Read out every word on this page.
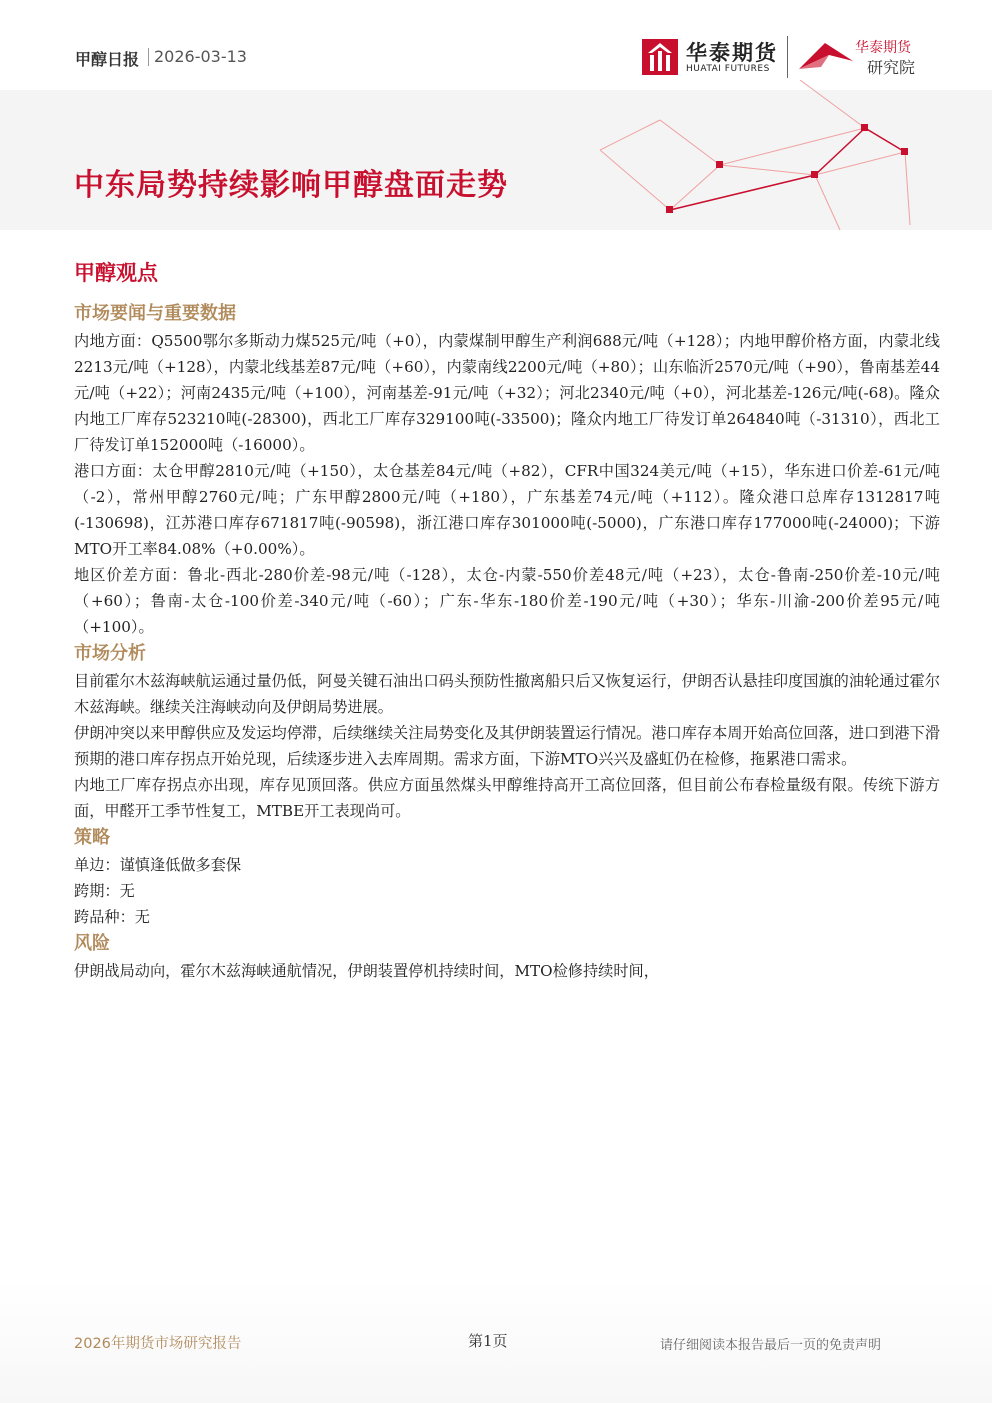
甲醇日报 2026-03-13	华泰期货
HUATAI FUTURES
华泰期货
研究院
中东局势持续影响甲醇盘面走势
甲醇观点
市场要闻与重要数据

内地方面：Q5500鄂尔多斯动力煤525元/吨（+0），内蒙煤制甲醇生产利润688元/吨（+128）；内地甲醇价格方面，内蒙北线2213元/吨（+128），内蒙北线基差87元/吨（+60），内蒙南线2200元/吨（+80）；山东临沂2570元/吨（+90），鲁南基差44元/吨（+22）；河南2435元/吨（+100），河南基差-91元/吨（+32）；河北2340元/吨（+0），河北基差-126元/吨(-68)。隆众内地工厂库存523210吨(-28300)，西北工厂库存329100吨(-33500)；隆众内地工厂待发订单264840吨（-31310），西北工厂待发订单152000吨（-16000）。

港口方面：太仓甲醇2810元/吨（+150），太仓基差84元/吨（+82），CFR中国324美元/吨（+15），华东进口价差-61元/吨（-2），常州甲醇2760元/吨；广东甲醇2800元/吨（+180），广东基差74元/吨（+112）。隆众港口总库存1312817吨(-130698)，江苏港口库存671817吨(-90598)，浙江港口库存301000吨(-5000)，广东港口库存177000吨(-24000)；下游MTO开工率84.08%（+0.00%）。

地区价差方面：鲁北-西北-280价差-98元/吨（-128），太仓-内蒙-550价差48元/吨（+23），太仓-鲁南-250价差-10元/吨（+60）；鲁南-太仓-100价差-340元/吨（-60）；广东-华东-180价差-190元/吨（+30）；华东-川渝-200价差95元/吨（+100）。

市场分析

目前霍尔木兹海峡航运通过量仍低，阿曼关键石油出口码头预防性撤离船只后又恢复运行，伊朗否认悬挂印度国旗的油轮通过霍尔木兹海峡。继续关注海峡动向及伊朗局势进展。

伊朗冲突以来甲醇供应及发运均停滞，后续继续关注局势变化及其伊朗装置运行情况。港口库存本周开始高位回落，进口到港下滑预期的港口库存拐点开始兑现，后续逐步进入去库周期。需求方面，下游MTO兴兴及盛虹仍在检修，拖累港口需求。

内地工厂库存拐点亦出现，库存见顶回落。供应方面虽然煤头甲醇维持高开工高位回落，但目前公布春检量级有限。传统下游方面，甲醛开工季节性复工，MTBE开工表现尚可。

策略

单边：谨慎逢低做多套保

跨期：无

跨品种：无

风险

伊朗战局动向，霍尔木兹海峡通航情况，伊朗装置停机持续时间，MTO检修持续时间，

2026年期货市场研究报告	第1页	请仔细阅读本报告最后一页的免责声明
